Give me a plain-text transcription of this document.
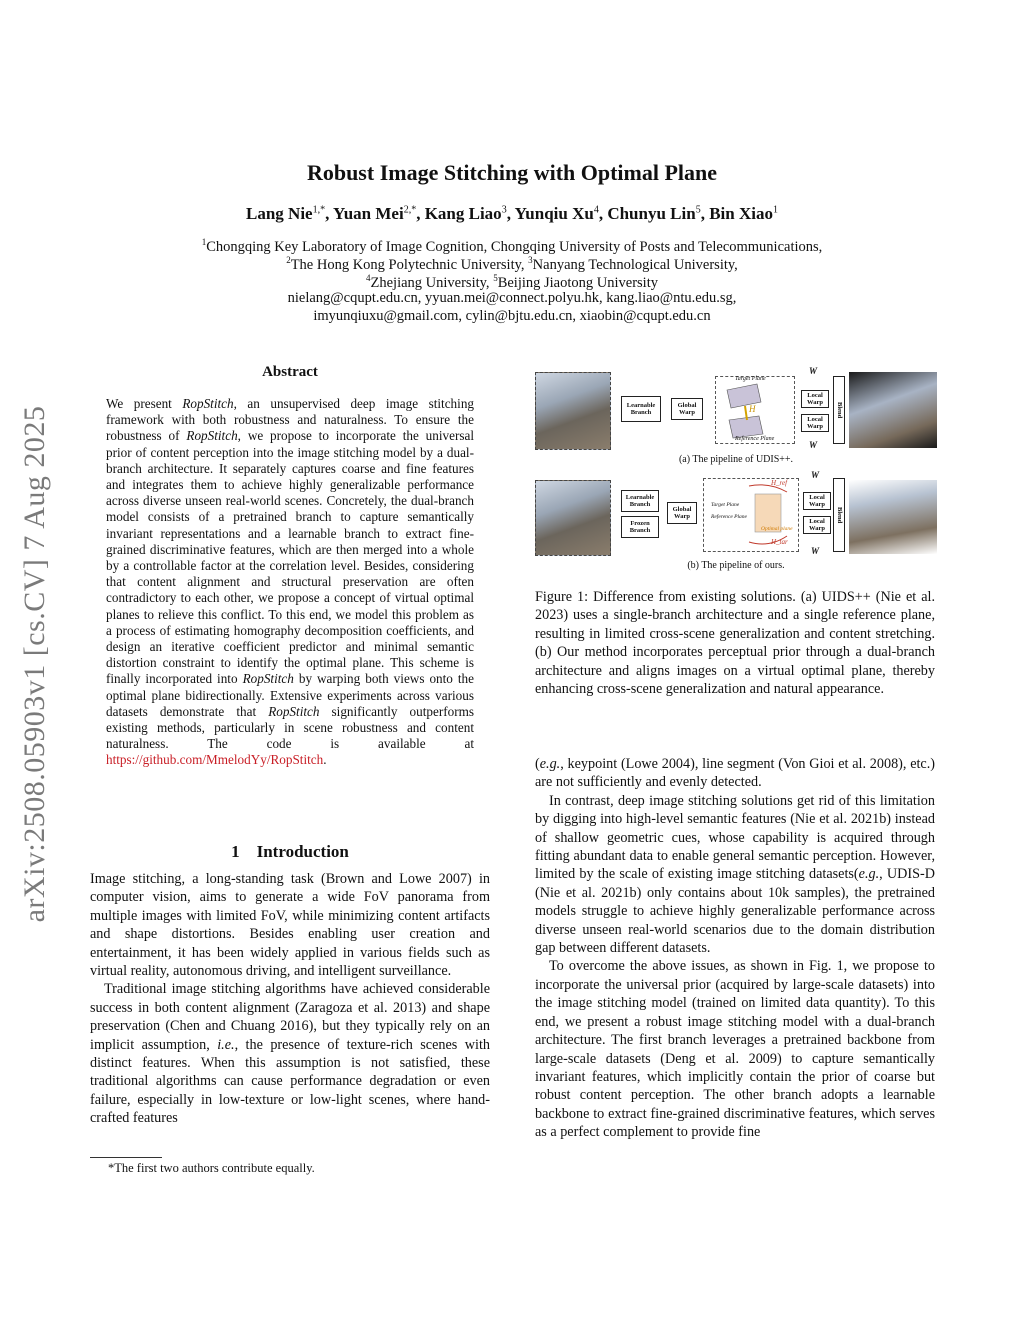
arXiv:2508.05903v1 [cs.CV] 7 Aug 2025
Robust Image Stitching with Optimal Plane
Lang Nie$^{1,*}$, Yuan Mei$^{2,*}$, Kang Liao$^3$, Yunqiu Xu$^4$, Chunyu Lin$^5$, Bin Xiao$^1$
$^1$Chongqing Key Laboratory of Image Cognition, Chongqing University of Posts and Telecommunications,
$^2$The Hong Kong Polytechnic University, $^3$Nanyang Technological University,
$^4$Zhejiang University, $^5$Beijing Jiaotong University
nielang@cqupt.edu.cn, yyuan.mei@connect.polyu.hk, kang.liao@ntu.edu.sg,
imyunqiuxu@gmail.com, cylin@bjtu.edu.cn, xiaobin@cqupt.edu.cn
Abstract
We present RopStitch, an unsupervised deep image stitching framework with both robustness and naturalness. To ensure the robustness of RopStitch, we propose to incorporate the universal prior of content perception into the image stitching model by a dual-branch architecture. It separately captures coarse and fine features and integrates them to achieve highly generalizable performance across diverse unseen real-world scenes. Concretely, the dual-branch model consists of a pretrained branch to capture semantically invariant representations and a learnable branch to extract fine-grained discriminative features, which are then merged into a whole by a controllable factor at the correlation level. Besides, considering that content alignment and structural preservation are often contradictory to each other, we propose a concept of virtual optimal planes to relieve this conflict. To this end, we model this problem as a process of estimating homography decomposition coefficients, and design an iterative coefficient predictor and minimal semantic distortion constraint to identify the optimal plane. This scheme is finally incorporated into RopStitch by warping both views onto the optimal plane bidirectionally. Extensive experiments across various datasets demonstrate that RopStitch significantly outperforms existing methods, particularly in scene robustness and content naturalness. The code is available at https://github.com/MmelodYy/RopStitch.
1    Introduction

Image stitching, a long-standing task (Brown and Lowe 2007) in computer vision, aims to generate a wide FoV panorama from multiple images with limited FoV, while minimizing content artifacts and shape distortions. Besides enabling user creation and entertainment, it has been widely applied in various fields such as virtual reality, autonomous driving, and intelligent surveillance.

Traditional image stitching algorithms have achieved considerable success in both content alignment (Zaragoza et al. 2013) and shape preservation (Chen and Chuang 2016), but they typically rely on an implicit assumption, i.e., the presence of texture-rich scenes with distinct features. When this assumption is not satisfied, these traditional algorithms can cause performance degradation or even failure, especially in low-texture or low-light scenes, where hand-crafted features

*The first two authors contribute equally.
Learnable Branch
Global Warp
Target Plane
Reference Plane
H
Local Warp
Local Warp
Blend
W
W
(a) The pipeline of UDIS++.
Learnable Branch
Frozen Branch
Global Warp
Target Plane
Reference Plane
Optimal plane
H_ref
H_tar
Local Warp
Local Warp
Blend
W
W
(b) The pipeline of ours.
Figure 1: Difference from existing solutions. (a) UIDS++ (Nie et al. 2023) uses a single-branch architecture and a single reference plane, resulting in limited cross-scene generalization and content stretching. (b) Our method incorporates perceptual prior through a dual-branch architecture and aligns images on a virtual optimal plane, thereby enhancing cross-scene generalization and natural appearance.

(e.g., keypoint (Lowe 2004), line segment (Von Gioi et al. 2008), etc.) are not sufficiently and evenly detected.

In contrast, deep image stitching solutions get rid of this limitation by digging into high-level semantic features (Nie et al. 2021b) instead of shallow geometric cues, whose capability is acquired through fitting abundant data to enable general semantic perception. However, limited by the scale of existing image stitching datasets(e.g., UDIS-D (Nie et al. 2021b) only contains about 10k samples), the pretrained models struggle to achieve highly generalizable performance across diverse unseen real-world scenarios due to the domain distribution gap between different datasets.

To overcome the above issues, as shown in Fig. 1, we propose to incorporate the universal prior (acquired by large-scale datasets) into the image stitching model (trained on limited data quantity). To this end, we present a robust image stitching model with a dual-branch architecture. The first branch leverages a pretrained backbone from large-scale datasets (Deng et al. 2009) to capture semantically invariant features, which implicitly contain the prior of coarse but robust content perception. The other branch adopts a learnable backbone to extract fine-grained discriminative features, which serves as a perfect complement to provide fine
